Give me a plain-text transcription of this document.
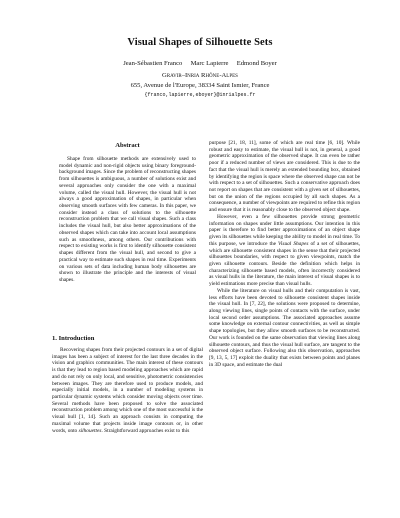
Visual Shapes of Silhouette Sets

Jean-Sébastien Franco     Marc Lapierre     Edmond Boyer

Gravir–Inria Rhône-Alpes
655, Avenue de l'Europe, 38334 Saint Ismier, France

{franco,lapierre,eboyer}@inrialpes.fr

Abstract

Shape from silhouette methods are extensively used to model dynamic and non-rigid objects using binary foreground-background images. Since the problem of reconstructing shapes from silhouettes is ambiguous, a number of solutions exist and several approaches only consider the one with a maximal volume, called the visual hull. However, the visual hull is not always a good approximation of shapes, in particular when observing smooth surfaces with few cameras. In this paper, we consider instead a class of solutions to the silhouette reconstruction problem that we call visual shapes. Such a class includes the visual hull, but also better approximations of the observed shapes which can take into account local assumptions such as smoothness, among others. Our contributions with respect to existing works is first to identify silhouette consistent shapes different from the visual hull, and second to give a practical way to estimate such shapes in real time. Experiments on various sets of data including human body silhouettes are shown to illustrate the principle and the interests of visual shapes.

1. Introduction

Recovering shapes from their projected contours in a set of digital images has been a subject of interest for the last three decades in the vision and graphics communities. The main interest of these contours is that they lead to region based modeling approaches which are rapid and do not rely on only local, and sensitive, photometric consistencies between images. They are therefore used to produce models, and especially initial models, in a number of modeling systems in particular dynamic systems which consider moving objects over time. Several methods have been proposed to solve the associated reconstruction problem among which one of the most successful is the visual hull [1, 14]. Such an approach consists in computing the maximal volume that projects inside image contours or, in other words, onto silhouettes. Straightforward approaches exist to this

purpose [21, 18, 11], some of which are real time [6, 10]. While robust and easy to estimate, the visual hull is not, in general, a good geometric approximation of the observed shape. It can even be rather poor if a reduced number of views are considered. This is due to the fact that the visual hull is merely an extended bounding box, obtained by identifying the region is space where the observed shape can not be with respect to a set of silhouettes. Such a conservative approach does not report on shapes that are consistent with a given set of silhouettes, but on the union of the regions occupied by all such shapes. As a consequence, a number of viewpoints are required to refine this region and ensure that it is reasonably close to the observed object shape.

However, even a few silhouettes provide strong geometric information on shapes under little assumptions. Our intention in this paper is therefore to find better approximations of an object shape given its silhouettes while keeping the ability to model in real time. To this purpose, we introduce the Visual Shapes of a set of silhouettes, which are silhouette consistent shapes in the sense that their projected silhouettes boundaries, with respect to given viewpoints, match the given silhouette contours. Beside the definition which helps in characterizing silhouette based models, often incorrectly considered as visual hulls in the literature, the main interest of visual shapes is to yield estimations more precise than visual hulls.

While the literature on visual hulls and their computation is vast, less efforts have been devoted to silhouette consistent shapes inside the visual hull. In [7, 22], the solutions were proposed to determine, along viewing lines, single points of contacts with the surface, under local second order assumptions. The associated approaches assume some knowledge on external contour connectivities, as well as simple shape topologies, but they allow smooth surfaces to be reconstructed. Our work is founded on the same observation that viewing lines along silhouette contours, and thus the visual hull surface, are tangent to the observed object surface. Following also this observation, approaches [9, 13, 5, 17] exploit the duality that exists between points and planes in 3D space, and estimate the dual
